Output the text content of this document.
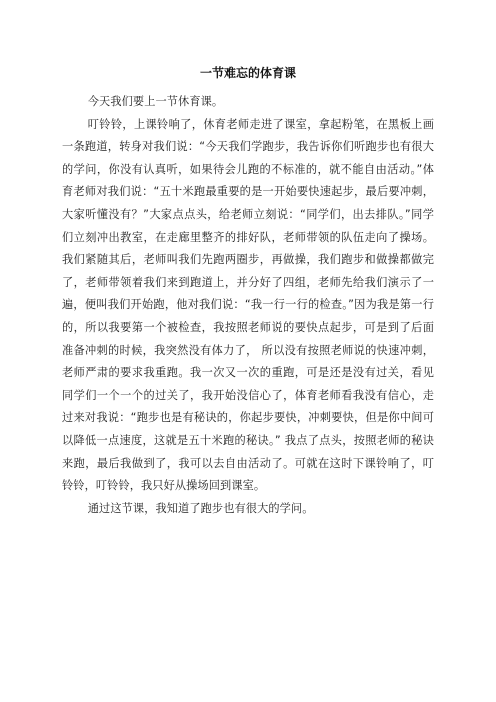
一节难忘的体育课

今天我们要上一节休育课。

叮铃铃，上课铃响了，休育老师走进了课室，拿起粉笔，在黑板上画 一条跑道，转身对我们说：“今天我们学跑步，我告诉你们听跑步也有很大的学问，你没有认真听，如果待会儿跑的不标准的，就不能自由活动。”体育老师对我们说：“五十米跑最重要的是一开始要快速起步，最后要冲刺，大家听懂没有？”大家点点头，给老师立刻说：“同学们，出去排队。”同学们立刻冲出教室，在走廊里整齐的排好队，老师带领的队伍走向了操场。我们紧随其后，老师叫我们先跑两圈步，再做操，我们跑步和做操都做完了，老师带领着我们来到跑道上，并分好了四组，老师先给我们演示了一遍，便叫我们开始跑，他对我们说：“我一行一行的检查。”因为我是第一行的，所以我要第一个被检查，我按照老师说的要快点起步，可是到了后面准备冲刺的时候，我突然没有体力了， 所以没有按照老师说的快速冲刺，老师严肃的要求我重跑。我一次又一次的重跑，可是还是没有过关，看见同学们一个一个的过关了，我开始没信心了，体育老师看我没有信心，走过来对我说：“跑步也是有秘诀的，你起步要快，冲刺要快，但是你中间可以降低一点速度，这就是五十米跑的秘诀。” 我点了点头，按照老师的秘诀来跑，最后我做到了，我可以去自由活动了。可就在这时下课铃响了，叮铃铃，叮铃铃，我只好从操场回到课室。

通过这节课，我知道了跑步也有很大的学问。
